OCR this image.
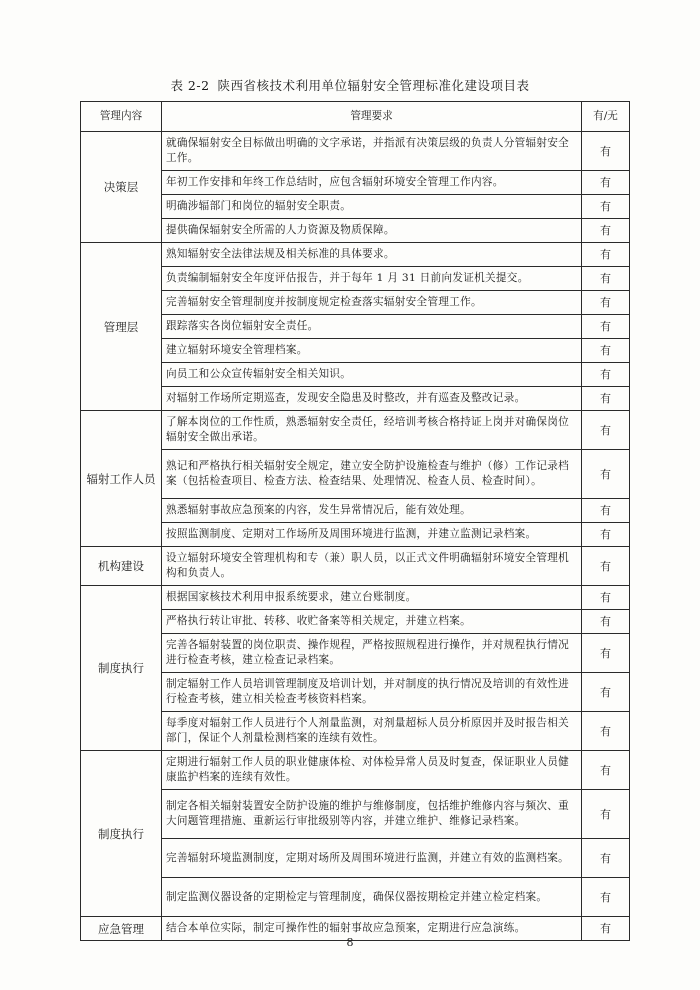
表 2-2 陕西省核技术利用单位辐射安全管理标准化建设项目表
管理内容	管理要求	有/无
决策层	就确保辐射安全目标做出明确的文字承诺，并指派有决策层级的负责人分管辐射安全工作。	有
	年初工作安排和年终工作总结时，应包含辐射环境安全管理工作内容。	有
	明确涉辐部门和岗位的辐射安全职责。	有
	提供确保辐射安全所需的人力资源及物质保障。	有
管理层	熟知辐射安全法律法规及相关标准的具体要求。	有
	负责编制辐射安全年度评估报告，并于每年 1 月 31 日前向发证机关提交。	有
	完善辐射安全管理制度并按制度规定检查落实辐射安全管理工作。	有
	跟踪落实各岗位辐射安全责任。	有
	建立辐射环境安全管理档案。	有
	向员工和公众宣传辐射安全相关知识。	有
	对辐射工作场所定期巡查，发现安全隐患及时整改，并有巡查及整改记录。	有
辐射工作人员	了解本岗位的工作性质，熟悉辐射安全责任，经培训考核合格持证上岗并对确保岗位辐射安全做出承诺。	有
	熟记和严格执行相关辐射安全规定，建立安全防护设施检查与维护（修）工作记录档案（包括检查项目、检查方法、检查结果、处理情况、检查人员、检查时间）。	有
	熟悉辐射事故应急预案的内容，发生异常情况后，能有效处理。	有
	按照监测制度、定期对工作场所及周围环境进行监测，并建立监测记录档案。	有
机构建设	设立辐射环境安全管理机构和专（兼）职人员，以正式文件明确辐射环境安全管理机构和负责人。	有
制度执行	根据国家核技术利用申报系统要求，建立台账制度。	有
	严格执行转让审批、转移、收贮备案等相关规定，并建立档案。	有
	完善各辐射装置的岗位职责、操作规程，严格按照规程进行操作，并对规程执行情况进行检查考核，建立检查记录档案。	有
	制定辐射工作人员培训管理制度及培训计划，并对制度的执行情况及培训的有效性进行检查考核，建立相关检查考核资料档案。	有
	每季度对辐射工作人员进行个人剂量监测，对剂量超标人员分析原因并及时报告相关部门，保证个人剂量检测档案的连续有效性。	有
制度执行	定期进行辐射工作人员的职业健康体检、对体检异常人员及时复查，保证职业人员健康监护档案的连续有效性。	有
	制定各相关辐射装置安全防护设施的维护与维修制度，包括维护维修内容与频次、重大问题管理措施、重新运行审批级别等内容，并建立维护、维修记录档案。	有
	完善辐射环境监测制度，定期对场所及周围环境进行监测，并建立有效的监测档案。	有
	制定监测仪器设备的定期检定与管理制度，确保仪器按期检定并建立检定档案。	有
应急管理	结合本单位实际，制定可操作性的辐射事故应急预案，定期进行应急演练。	有
8
